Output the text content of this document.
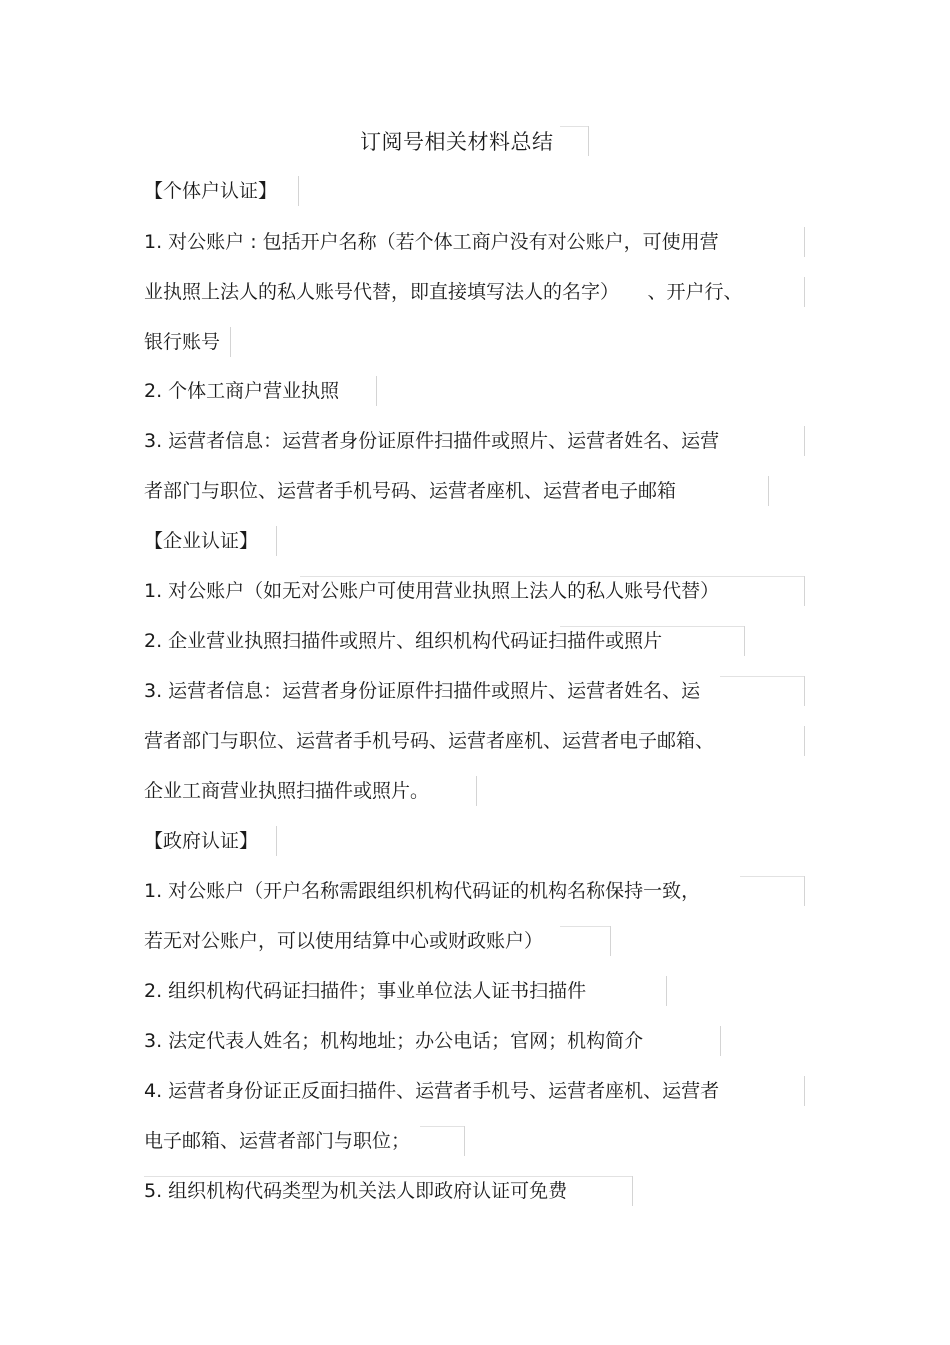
订阅号相关材料总结
【个体户认证】
1. 对公账户 : 包括开户名称（若个体工商户没有对公账户，可使用营
业执照上法人的私人账号代替，即直接填写法人的名字）　　、开户行、
银行账号
2. 个体工商户营业执照
3. 运营者信息：运营者身份证原件扫描件或照片、运营者姓名、运营
者部门与职位、运营者手机号码、运营者座机、运营者电子邮箱
【企业认证】
1. 对公账户（如无对公账户可使用营业执照上法人的私人账号代替）
2. 企业营业执照扫描件或照片、组织机构代码证扫描件或照片
3. 运营者信息：运营者身份证原件扫描件或照片、运营者姓名、运
营者部门与职位、运营者手机号码、运营者座机、运营者电子邮箱、
企业工商营业执照扫描件或照片。
【政府认证】
1. 对公账户（开户名称需跟组织机构代码证的机构名称保持一致，
若无对公账户，可以使用结算中心或财政账户）
2. 组织机构代码证扫描件；事业单位法人证书扫描件
3. 法定代表人姓名；机构地址；办公电话；官网；机构简介
4. 运营者身份证正反面扫描件、运营者手机号、运营者座机、运营者
电子邮箱、运营者部门与职位；
5. 组织机构代码类型为机关法人即政府认证可免费
